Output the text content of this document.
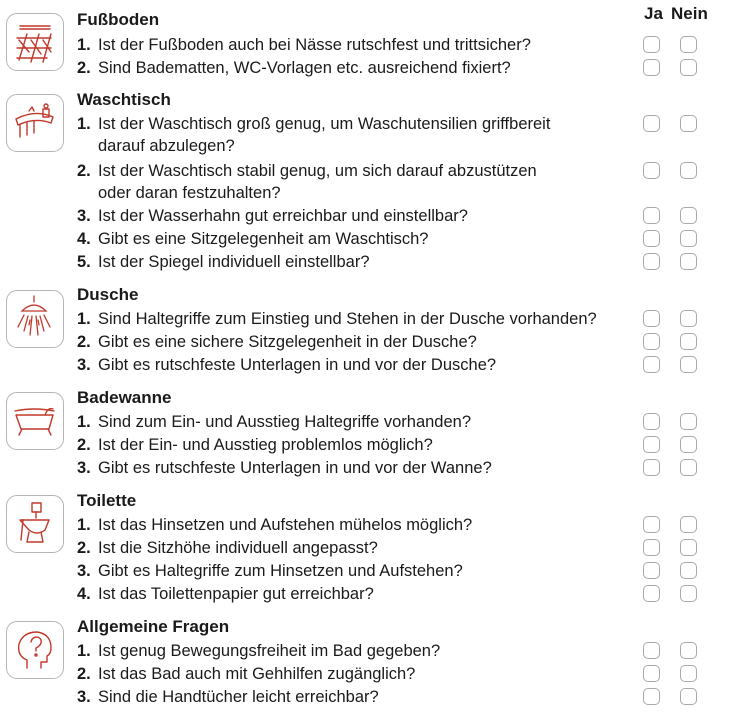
Ja Nein
Fußboden
1. Ist der Fußboden auch bei Nässe rutschfest und trittsicher?
2. Sind Badematten, WC-Vorlagen etc. ausreichend fixiert?
Waschtisch
1. Ist der Waschtisch groß genug, um Waschutensilien griffbereit
darauf abzulegen?
2. Ist der Waschtisch stabil genug, um sich darauf abzustützen
oder daran festzuhalten?
3. Ist der Wasserhahn gut erreichbar und einstellbar?
4. Gibt es eine Sitzgelegenheit am Waschtisch?
5. Ist der Spiegel individuell einstellbar?
Dusche
1. Sind Haltegriffe zum Einstieg und Stehen in der Dusche vorhanden?
2. Gibt es eine sichere Sitzgelegenheit in der Dusche?
3. Gibt es rutschfeste Unterlagen in und vor der Dusche?
Badewanne
1. Sind zum Ein- und Ausstieg Haltegriffe vorhanden?
2. Ist der Ein- und Ausstieg problemlos möglich?
3. Gibt es rutschfeste Unterlagen in und vor der Wanne?
Toilette
1. Ist das Hinsetzen und Aufstehen mühelos möglich?
2. Ist die Sitzhöhe individuell angepasst?
3. Gibt es Haltegriffe zum Hinsetzen und Aufstehen?
4. Ist das Toilettenpapier gut erreichbar?
Allgemeine Fragen
1. Ist genug Bewegungsfreiheit im Bad gegeben?
2. Ist das Bad auch mit Gehhilfen zugänglich?
3. Sind die Handtücher leicht erreichbar?
